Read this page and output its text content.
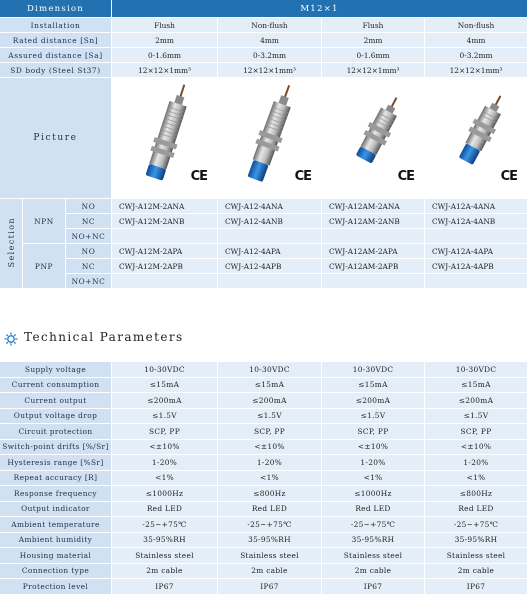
Dimension			M12×1			
Installation			Flush	Non-flush	Flush	Non-flush
Rated distance [Sn]			2mm	4mm	2mm	4mm
Assured distance [Sa]			0-1.6mm	0-3.2mm	0-1.6mm	0-3.2mm
SD body (Steel St37)			12×12×1mm³	12×12×1mm³	12×12×1mm³	12×12×1mm³
Picture			CE	CE	CE	CE

Selection	NPN	NO	CWJ-A12M-2ANA	CWJ-A12-4ANA	CWJ-A12AM-2ANA	CWJ-A12A-4ANA
		NC	CWJ-A12M-2ANB	CWJ-A12-4ANB	CWJ-A12AM-2ANB	CWJ-A12A-4ANB
		NO+NC				
	PNP	NO	CWJ-A12M-2APA	CWJ-A12-4APA	CWJ-A12AM-2APA	CWJ-A12A-4APA
		NC	CWJ-A12M-2APB	CWJ-A12-4APB	CWJ-A12AM-2APB	CWJ-A12A-4APB
		NO+NC				
Technical Parameters
Supply voltage	10-30VDC	10-30VDC	10-30VDC	10-30VDC
Current consumption	≤15mA	≤15mA	≤15mA	≤15mA
Current output	≤200mA	≤200mA	≤200mA	≤200mA
Output voltage drop	≤1.5V	≤1.5V	≤1.5V	≤1.5V
Circuit protection	SCP, PP	SCP, PP	SCP, PP	SCP, PP
Switch-point drifts [%/Sr]	<±10%	<±10%	<±10%	<±10%
Hysteresis range [%Sr]	1-20%	1-20%	1-20%	1-20%
Repeat accuracy [R]	<1%	<1%	<1%	<1%
Response frequency	≤1000Hz	≤800Hz	≤1000Hz	≤800Hz
Output indicator	Red LED	Red LED	Red LED	Red LED
Ambient temperature	-25~+75℃	-25~+75℃	-25~+75℃	-25~+75℃
Ambient humidity	35-95%RH	35-95%RH	35-95%RH	35-95%RH
Housing material	Stainless steel	Stainless steel	Stainless steel	Stainless steel
Connection type	2m cable	2m cable	2m cable	2m cable
Protection level	IP67	IP67	IP67	IP67
